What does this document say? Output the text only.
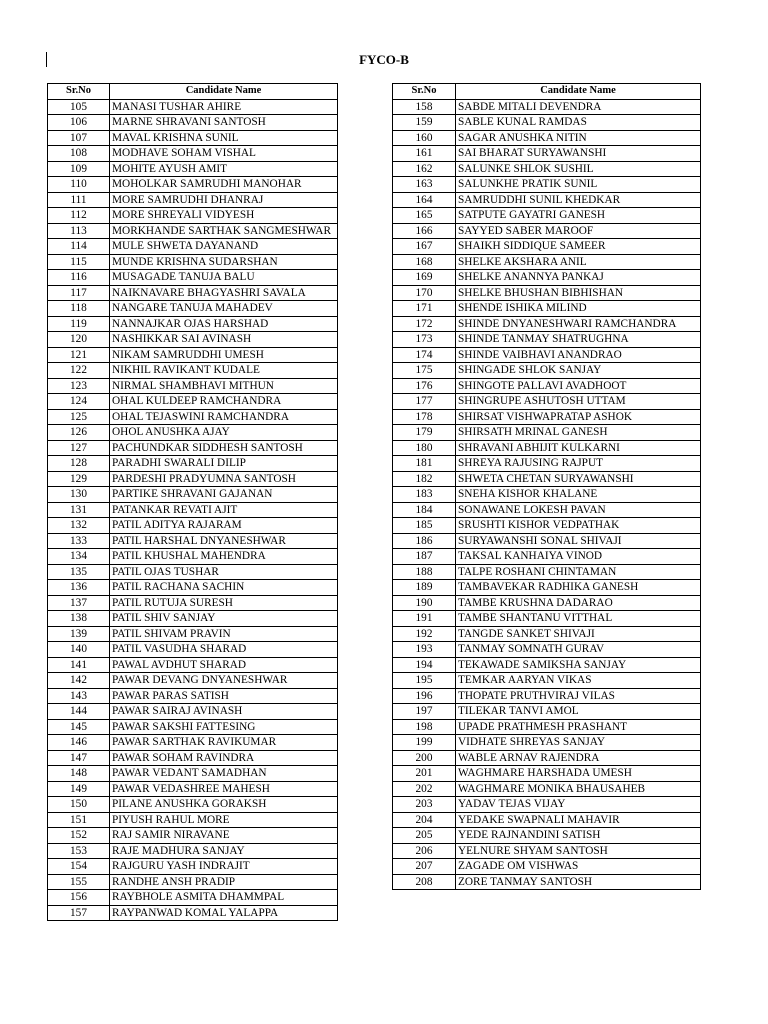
FYCO-B
Sr.No	Candidate Name
105	MANASI TUSHAR AHIRE
106	MARNE SHRAVANI SANTOSH
107	MAVAL KRISHNA SUNIL
108	MODHAVE SOHAM VISHAL
109	MOHITE AYUSH AMIT
110	MOHOLKAR SAMRUDHI MANOHAR
111	MORE SAMRUDHI DHANRAJ
112	MORE SHREYALI VIDYESH
113	MORKHANDE SARTHAK SANGMESHWAR
114	MULE SHWETA DAYANAND
115	MUNDE KRISHNA SUDARSHAN
116	MUSAGADE TANUJA BALU
117	NAIKNAVARE BHAGYASHRI SAVALA
118	NANGARE TANUJA MAHADEV
119	NANNAJKAR OJAS HARSHAD
120	NASHIKKAR SAI AVINASH
121	NIKAM SAMRUDDHI UMESH
122	NIKHIL RAVIKANT KUDALE
123	NIRMAL SHAMBHAVI MITHUN
124	OHAL KULDEEP RAMCHANDRA
125	OHAL TEJASWINI RAMCHANDRA
126	OHOL ANUSHKA AJAY
127	PACHUNDKAR SIDDHESH SANTOSH
128	PARADHI SWARALI DILIP
129	PARDESHI PRADYUMNA SANTOSH
130	PARTIKE SHRAVANI GAJANAN
131	PATANKAR REVATI AJIT
132	PATIL ADITYA RAJARAM
133	PATIL HARSHAL DNYANESHWAR
134	PATIL KHUSHAL MAHENDRA
135	PATIL OJAS TUSHAR
136	PATIL RACHANA SACHIN
137	PATIL RUTUJA SURESH
138	PATIL SHIV SANJAY
139	PATIL SHIVAM PRAVIN
140	PATIL VASUDHA SHARAD
141	PAWAL AVDHUT SHARAD
142	PAWAR DEVANG DNYANESHWAR
143	PAWAR PARAS SATISH
144	PAWAR SAIRAJ AVINASH
145	PAWAR SAKSHI FATTESING
146	PAWAR SARTHAK RAVIKUMAR
147	PAWAR SOHAM RAVINDRA
148	PAWAR VEDANT SAMADHAN
149	PAWAR VEDASHREE MAHESH
150	PILANE ANUSHKA GORAKSH
151	PIYUSH RAHUL MORE
152	RAJ SAMIR NIRAVANE
153	RAJE MADHURA SANJAY
154	RAJGURU YASH INDRAJIT
155	RANDHE ANSH PRADIP
156	RAYBHOLE ASMITA DHAMMPAL
157	RAYPANWAD KOMAL YALAPPA
Sr.No	Candidate Name
158	SABDE MITALI DEVENDRA
159	SABLE KUNAL RAMDAS
160	SAGAR ANUSHKA NITIN
161	SAI BHARAT SURYAWANSHI
162	SALUNKE SHLOK SUSHIL
163	SALUNKHE PRATIK SUNIL
164	SAMRUDDHI SUNIL KHEDKAR
165	SATPUTE GAYATRI GANESH
166	SAYYED SABER MAROOF
167	SHAIKH SIDDIQUE SAMEER
168	SHELKE AKSHARA ANIL
169	SHELKE ANANNYA PANKAJ
170	SHELKE BHUSHAN BIBHISHAN
171	SHENDE ISHIKA MILIND
172	SHINDE DNYANESHWARI RAMCHANDRA
173	SHINDE TANMAY SHATRUGHNA
174	SHINDE VAIBHAVI ANANDRAO
175	SHINGADE SHLOK SANJAY
176	SHINGOTE PALLAVI AVADHOOT
177	SHINGRUPE ASHUTOSH UTTAM
178	SHIRSAT VISHWAPRATAP ASHOK
179	SHIRSATH MRINAL GANESH
180	SHRAVANI ABHIJIT KULKARNI
181	SHREYA RAJUSING RAJPUT
182	SHWETA CHETAN SURYAWANSHI
183	SNEHA KISHOR KHALANE
184	SONAWANE LOKESH PAVAN
185	SRUSHTI KISHOR VEDPATHAK
186	SURYAWANSHI SONAL SHIVAJI
187	TAKSAL KANHAIYA VINOD
188	TALPE ROSHANI CHINTAMAN
189	TAMBAVEKAR RADHIKA GANESH
190	TAMBE KRUSHNA DADARAO
191	TAMBE SHANTANU VITTHAL
192	TANGDE SANKET SHIVAJI
193	TANMAY SOMNATH GURAV
194	TEKAWADE SAMIKSHA SANJAY
195	TEMKAR AARYAN VIKAS
196	THOPATE PRUTHVIRAJ VILAS
197	TILEKAR TANVI AMOL
198	UPADE PRATHMESH PRASHANT
199	VIDHATE SHREYAS SANJAY
200	WABLE ARNAV RAJENDRA
201	WAGHMARE HARSHADA UMESH
202	WAGHMARE MONIKA BHAUSAHEB
203	YADAV TEJAS VIJAY
204	YEDAKE SWAPNALI MAHAVIR
205	YEDE RAJNANDINI SATISH
206	YELNURE SHYAM SANTOSH
207	ZAGADE OM VISHWAS
208	ZORE TANMAY SANTOSH
